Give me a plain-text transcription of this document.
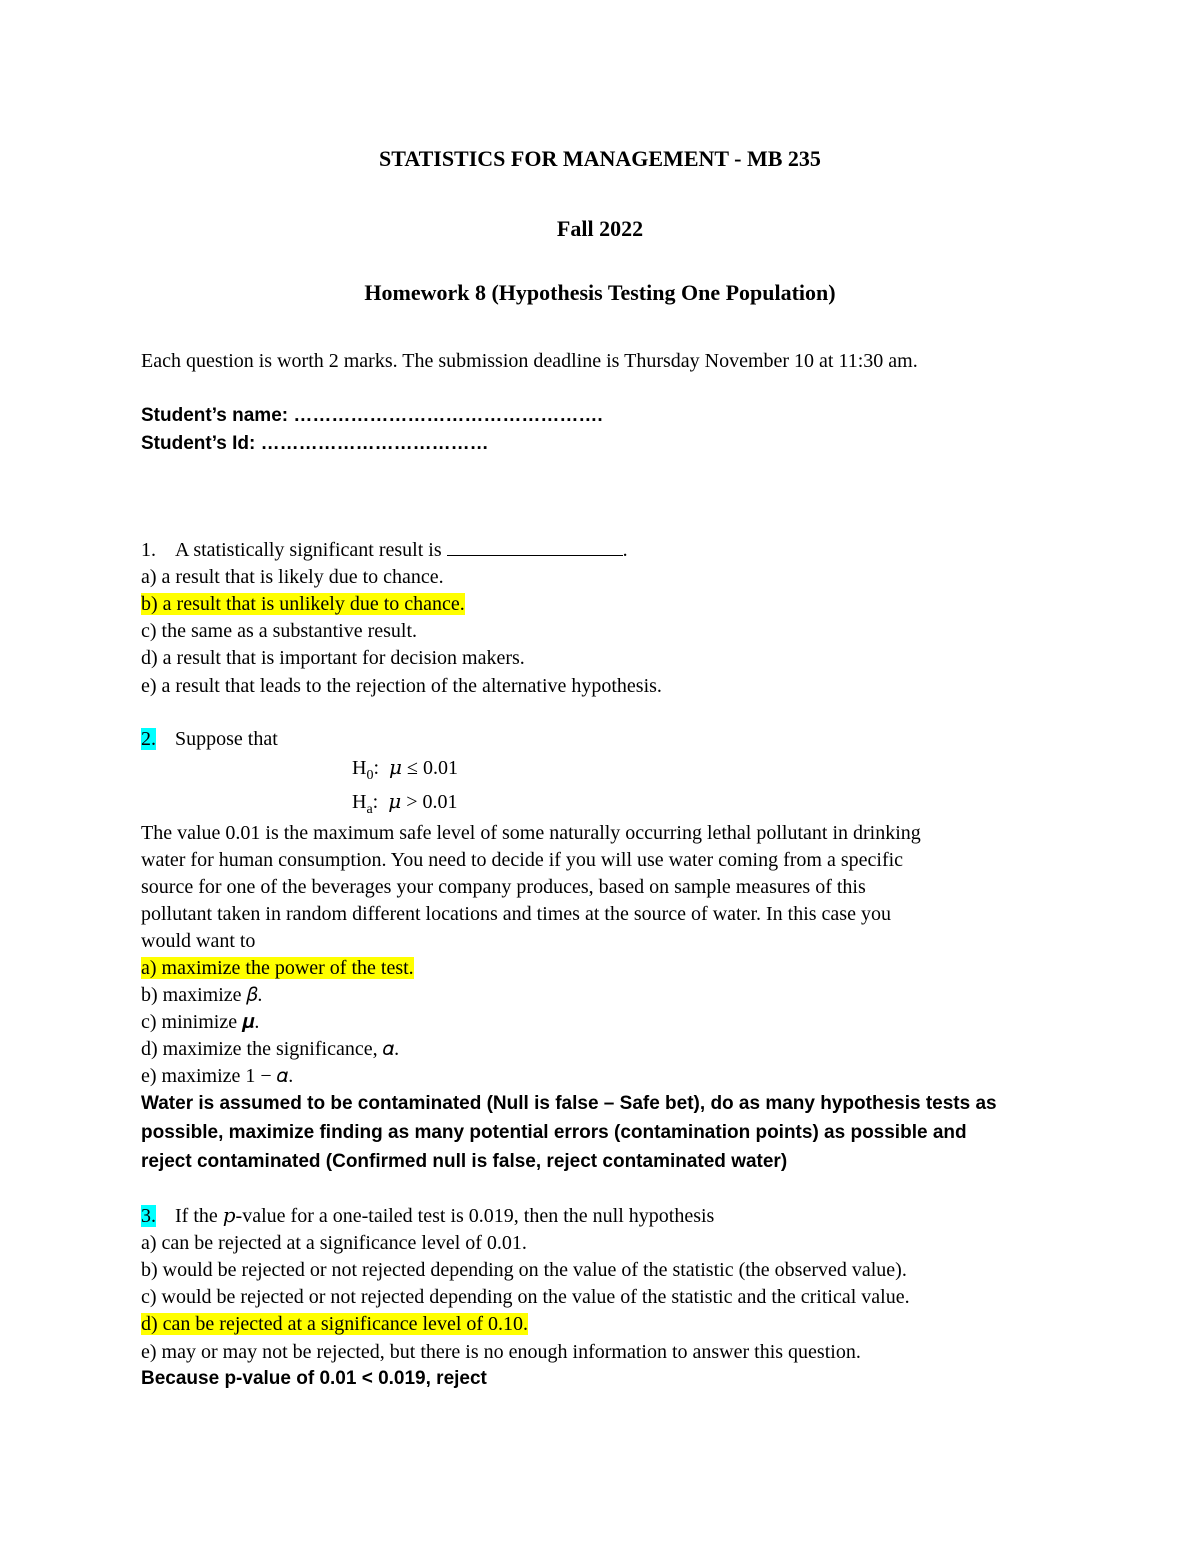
STATISTICS FOR MANAGEMENT - MB 235
Fall 2022
Homework 8 (Hypothesis Testing One Population)
Each question is worth 2 marks. The submission deadline is Thursday November 10 at 11:30 am.
Student’s name: ………………………………………….
Student’s Id: ………………………………
1. A statistically significant result is	.
a) a result that is likely due to chance.
b) a result that is unlikely due to chance.
c) the same as a substantive result.
d) a result that is important for decision makers.
e) a result that leads to the rejection of the alternative hypothesis.
2. Suppose that
$H_0$: μ ≤ 0.01
$H_a$: μ > 0.01
The value 0.01 is the maximum safe level of some naturally occurring lethal pollutant in drinking
water for human consumption. You need to decide if you will use water coming from a specific
source for one of the beverages your company produces, based on sample measures of this
pollutant taken in random different locations and times at the source of water. In this case you
would want to
a) maximize the power of the test.
b) maximize 𝛽.
c) minimize 𝝁.
d) maximize the significance, 𝛼.
e) maximize 1 − 𝛼.
Water is assumed to be contaminated (Null is false – Safe bet), do as many hypothesis tests as
possible, maximize finding as many potential errors (contamination points) as possible and
reject contaminated (Confirmed null is false, reject contaminated water)
3. If the 𝑝-value for a one-tailed test is 0.019, then the null hypothesis
a) can be rejected at a significance level of 0.01.
b) would be rejected or not rejected depending on the value of the statistic (the observed value).
c) would be rejected or not rejected depending on the value of the statistic and the critical value.
d) can be rejected at a significance level of 0.10.
e) may or may not be rejected, but there is no enough information to answer this question.
Because p-value of 0.01 < 0.019, reject
